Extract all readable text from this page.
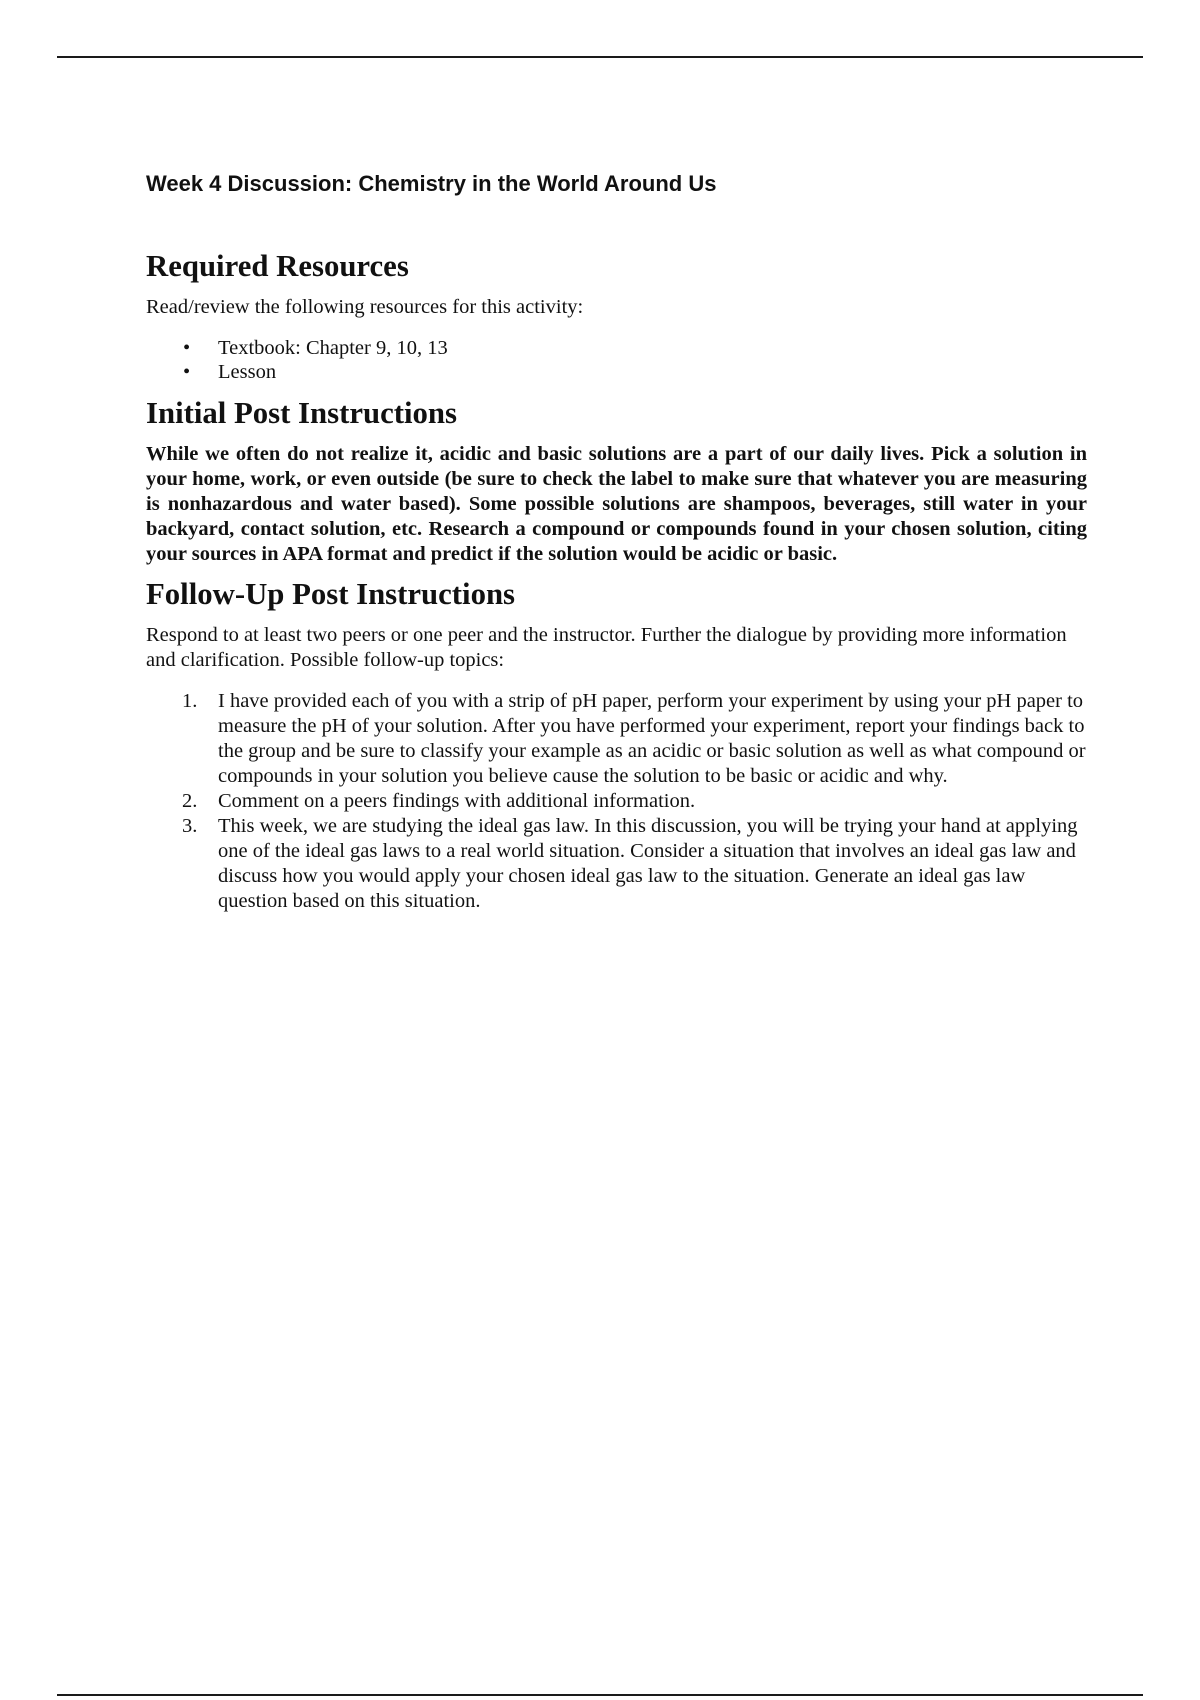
Week 4 Discussion: Chemistry in the World Around Us
Required Resources

Read/review the following resources for this activity:

• Textbook: Chapter 9, 10, 13
• Lesson
Initial Post Instructions

While we often do not realize it, acidic and basic solutions are a part of our daily lives. Pick a solution in your home, work, or even outside (be sure to check the label to make sure that whatever you are measuring is nonhazardous and water based). Some possible solutions are shampoos, beverages, still water in your backyard, contact solution, etc. Research a compound or compounds found in your chosen solution, citing your sources in APA format and predict if the solution would be acidic or basic.

Follow-Up Post Instructions

Respond to at least two peers or one peer and the instructor. Further the dialogue by providing more information and clarification. Possible follow-up topics:

1. I have provided each of you with a strip of pH paper, perform your experiment by using your pH paper to measure the pH of your solution. After you have performed your experiment, report your findings back to the group and be sure to classify your example as an acidic or basic solution as well as what compound or compounds in your solution you believe cause the solution to be basic or acidic and why.
2. Comment on a peers findings with additional information.
3. This week, we are studying the ideal gas law. In this discussion, you will be trying your hand at applying one of the ideal gas laws to a real world situation. Consider a situation that involves an ideal gas law and discuss how you would apply your chosen ideal gas law to the situation. Generate an ideal gas law question based on this situation.
